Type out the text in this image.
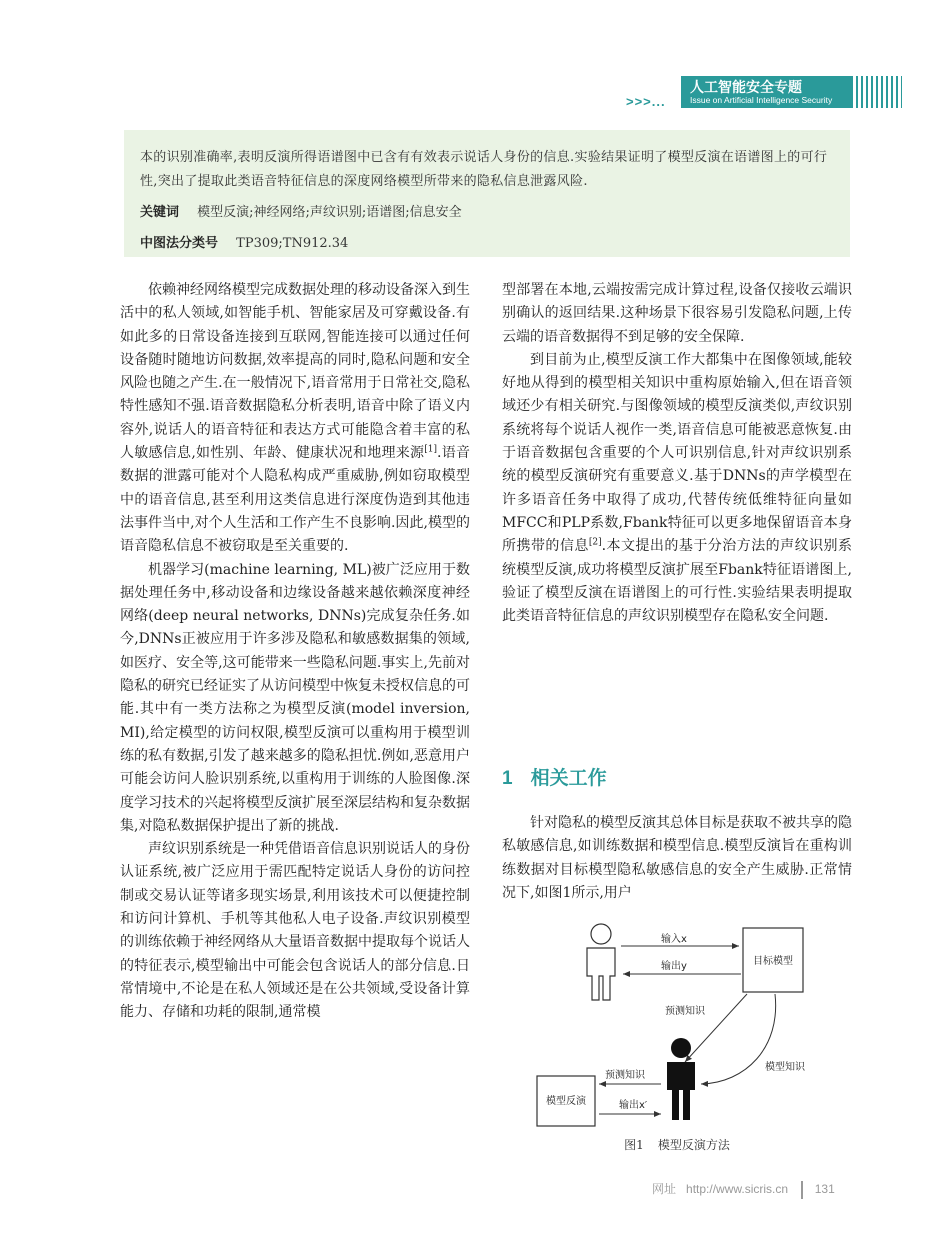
>>>...
人工智能安全专题
Issue on Artificial Intelligence Security

本的识别准确率,表明反演所得语谱图中已含有有效表示说话人身份的信息.实验结果证明了模型反演在语谱图上的可行性,突出了提取此类语音特征信息的深度网络模型所带来的隐私信息泄露风险.

关键词 模型反演;神经网络;声纹识别;语谱图;信息安全
中图法分类号 TP309;TN912.34

依赖神经网络模型完成数据处理的移动设备深入到生活中的私人领域,如智能手机、智能家居及可穿戴设备.有如此多的日常设备连接到互联网,智能连接可以通过任何设备随时随地访问数据,效率提高的同时,隐私问题和安全风险也随之产生.在一般情况下,语音常用于日常社交,隐私特性感知不强.语音数据隐私分析表明,语音中除了语义内容外,说话人的语音特征和表达方式可能隐含着丰富的私人敏感信息,如性别、年龄、健康状况和地理来源[1].语音数据的泄露可能对个人隐私构成严重威胁,例如窃取模型中的语音信息,甚至利用这类信息进行深度伪造到其他违法事件当中,对个人生活和工作产生不良影响.因此,模型的语音隐私信息不被窃取是至关重要的.

机器学习(machine learning, ML)被广泛应用于数据处理任务中,移动设备和边缘设备越来越依赖深度神经网络(deep neural networks, DNNs)完成复杂任务.如今,DNNs正被应用于许多涉及隐私和敏感数据集的领域,如医疗、安全等,这可能带来一些隐私问题.事实上,先前对隐私的研究已经证实了从访问模型中恢复未授权信息的可能.其中有一类方法称之为模型反演(model inversion, MI),给定模型的访问权限,模型反演可以重构用于模型训练的私有数据,引发了越来越多的隐私担忧.例如,恶意用户可能会访问人脸识别系统,以重构用于训练的人脸图像.深度学习技术的兴起将模型反演扩展至深层结构和复杂数据集,对隐私数据保护提出了新的挑战.

声纹识别系统是一种凭借语音信息识别说话人的身份认证系统,被广泛应用于需匹配特定说话人身份的访问控制或交易认证等诸多现实场景,利用该技术可以便捷控制和访问计算机、手机等其他私人电子设备.声纹识别模型的训练依赖于神经网络从大量语音数据中提取每个说话人的特征表示,模型输出中可能会包含说话人的部分信息.日常情境中,不论是在私人领域还是在公共领域,受设备计算能力、存储和功耗的限制,通常模

型部署在本地,云端按需完成计算过程,设备仅接收云端识别确认的返回结果.这种场景下很容易引发隐私问题,上传云端的语音数据得不到足够的安全保障.

到目前为止,模型反演工作大都集中在图像领域,能较好地从得到的模型相关知识中重构原始输入,但在语音领域还少有相关研究.与图像领域的模型反演类似,声纹识别系统将每个说话人视作一类,语音信息可能被恶意恢复.由于语音数据包含重要的个人可识别信息,针对声纹识别系统的模型反演研究有重要意义.基于DNNs的声学模型在许多语音任务中取得了成功,代替传统低维特征向量如MFCC和PLP系数,Fbank特征可以更多地保留语音本身所携带的信息[2].本文提出的基于分治方法的声纹识别系统模型反演,成功将模型反演扩展至Fbank特征语谱图上,验证了模型反演在语谱图上的可行性.实验结果表明提取此类语音特征信息的声纹识别模型存在隐私安全问题.

1 相关工作

针对隐私的模型反演其总体目标是获取不被共享的隐私敏感信息,如训练数据和模型信息.模型反演旨在重构训练数据对目标模型隐私敏感信息的安全产生威胁.正常情况下,如图1所示,用户

目标模型
输入x
输出y
预测知识
模型知识
模型反演
预测知识
输出x′
图1 模型反演方法
网址 http://www.sicris.cn 131
